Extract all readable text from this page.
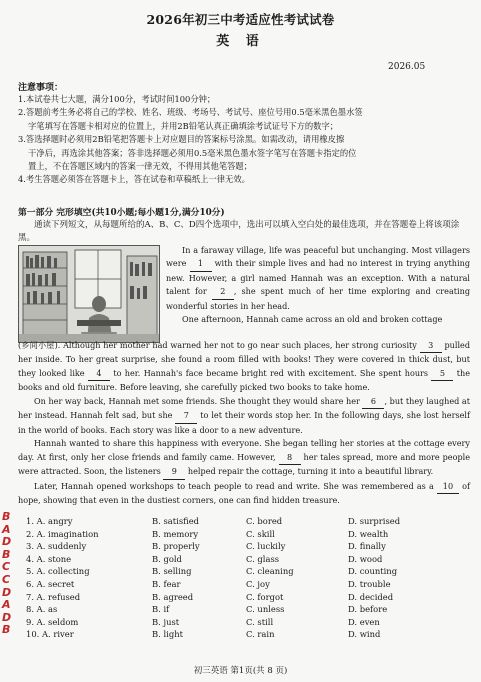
2026年初三中考适应性考试试卷
英 语
2026.05
注意事项：

1.本试卷共七大题，满分100分，考试时间100分钟；

2.答题前考生务必将自己的学校、姓名、班级、考场号、考试号、座位号用0.5毫米黑色墨水签

字笔填写在答题卡相对应的位置上，并用2B铅笔认真正确填涂考试证号下方的数字；

3.答选择题时必须用2B铅笔把答题卡上对应题目的答案标号涂黑。如需改动，请用橡皮擦

干净后，再选涂其他答案；答非选择题必须用0.5毫米黑色墨水签字笔写在答题卡指定的位

置上，不在答题区域内的答案一律无效，不得用其他笔答题；

4.考生答题必须答在答题卡上，答在试卷和草稿纸上一律无效。

第一部分 完形填空(共10小题;每小题1分,满分10分)
通读下列短文，从每题所给的A、B、C、D四个选项中，选出可以填入空白处的最佳选项，并在答题卷上将该项涂黑。

In a faraway village, life was peaceful but unchanging. Most villagers were 1 with their simple lives and had no interest in trying anything new. However, a girl named Hannah was an exception. With a natural talent for 2 , she spent much of her time exploring and creating wonderful stories in her head.

One afternoon, Hannah came across an old and broken cottage

(乡间小屋). Although her mother had warned her not to go near such places, her strong curiosity 3 pulled her inside. To her great surprise, she found a room filled with books! They were covered in thick dust, but they looked like 4 to her. Hannah's face became bright red with excitement. She spent hours 5 the books and old furniture. Before leaving, she carefully picked two books to take home.

On her way back, Hannah met some friends. She thought they would share her 6 , but they laughed at her instead. Hannah felt sad, but she 7 to let their words stop her. In the following days, she lost herself in the world of books. Each story was like a door to a new adventure.

Hannah wanted to share this happiness with everyone. She began telling her stories at the cottage every day. At first, only her close friends and family came. However, 8 her tales spread, more and more people were attracted. Soon, the listeners 9 helped repair the cottage, turning it into a beautiful library.

Later, Hannah opened workshops to teach people to read and write. She was remembered as a 10 of hope, showing that even in the dustiest corners, one can find hidden treasure.

B
A
D
B
C
C
D
A
D
B
1. A. angry	B. satisfied	C. bored	D. surprised
2. A. imagination	B. memory	C. skill	D. wealth
3. A. suddenly	B. properly	C. luckily	D. finally
4. A. stone	B. gold	C. glass	D. wood
5. A. collecting	B. selling	C. cleaning	D. counting
6. A. secret	B. fear	C. joy	D. trouble
7. A. refused	B. agreed	C. forgot	D. decided
8. A. as	B. if	C. unless	D. before
9. A. seldom	B. just	C. still	D. even
10. A. river	B. light	C. rain	D. wind
初三英语 第1页(共 8 页)
